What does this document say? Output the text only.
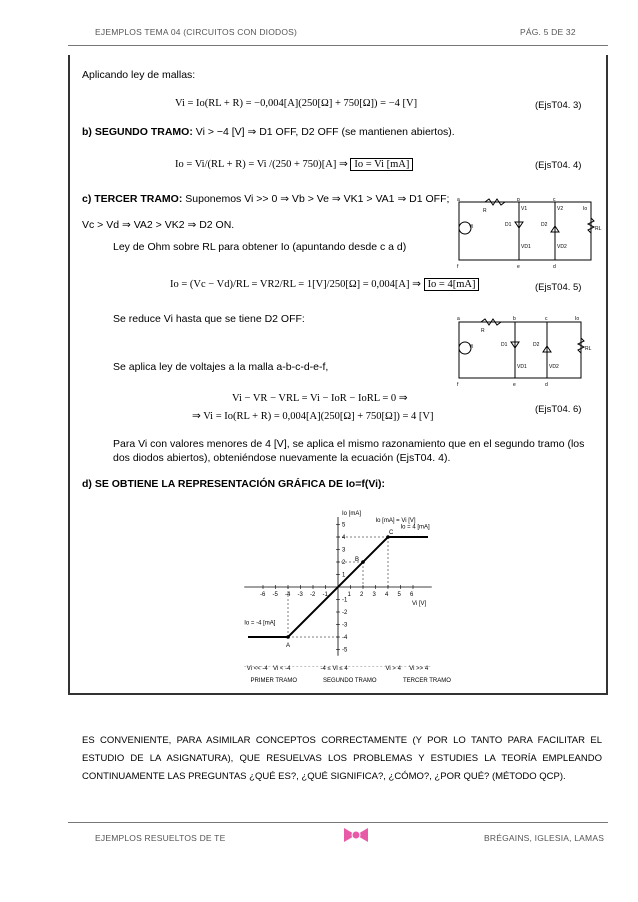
EJEMPLOS TEMA 04 (CIRCUITOS CON DIODOS)	PÁG. 5 DE 32
Aplicando ley de mallas:
Vi = Io(RL + R) = −0,004[A](250[Ω] + 750[Ω]) = −4 [V]	(EjsT04. 3)
b) SEGUNDO TRAMO: Vi > −4 [V] ⇒ D1 OFF, D2 OFF (se mantienen abiertos).
Io = Vi/(RL + R) = Vi /(250 + 750)[A] ⇒ Io = Vi [mA]	(EjsT04. 4)
c) TERCER TRAMO: Suponemos Vi >> 0 ⇒ Vb > Ve ⇒ VK1 > VA1 ⇒ D1 OFF;
Vc > Vd ⇒ VA2 > VK2 ⇒ D2 ON.
Ley de Ohm sobre RL para obtener Io (apuntando desde c a d)
Io = (Vc − Vd)/RL = VR2/RL = 1[V]/250[Ω] = 0,004[A] ⇒ Io = 4[mA]	(EjsT04. 5)
Se reduce Vi hasta que se tiene D2 OFF:
Se aplica ley de voltajes a la malla a-b-c-d-e-f,
Vi − VR − VRL = Vi − IoR − IoRL = 0 ⇒
⇒ Vi = Io(RL + R) = 0,004[A](250[Ω] + 750[Ω]) = 4 [V]
(EjsT04. 6)
Para Vi con valores menores de 4 [V], se aplica el mismo razonamiento que en el segundo tramo (los dos diodos abiertos), obteniéndose nuevamente la ecuación (EjsT04. 4).
d) SE OBTIENE LA REPRESENTACIÓN GRÁFICA DE Io=f(Vi):
a
R
b	c
Io
RL
D1	D2
Vi
f	e	d
V1	V2
VD1	VD2
a
R
b	c	Io
RL
D1	D2
Vi
f	e	d
VD1	VD2
-6 -5 -4 -3 -2 -1	1 2 3 4 5 6
5
4
3
2
1
-1
-2
-3
-4
-5
Io [mA]
Vi [V]
Io [mA] = Vi [V]
Io = 4 [mA]
Io = -4 [mA]
A
B
C
Vi << -4 Vi < -4	-4 ≤ Vi ≤ 4	Vi > 4 Vi >> 4
PRIMER TRAMO	SEGUNDO TRAMO	TERCER TRAMO
ES CONVENIENTE, PARA ASIMILAR CONCEPTOS CORRECTAMENTE (Y POR LO TANTO PARA FACILITAR EL ESTUDIO DE LA ASIGNATURA), QUE RESUELVAS LOS PROBLEMAS Y ESTUDIES LA TEORÍA EMPLEANDO CONTINUAMENTE LAS PREGUNTAS ¿QUÉ ES?, ¿QUÉ SIGNIFICA?, ¿CÓMO?, ¿POR QUÉ? (MÉTODO QCP).
EJEMPLOS RESUELTOS DE TE	BRÉGAINS, IGLESIA, LAMAS
